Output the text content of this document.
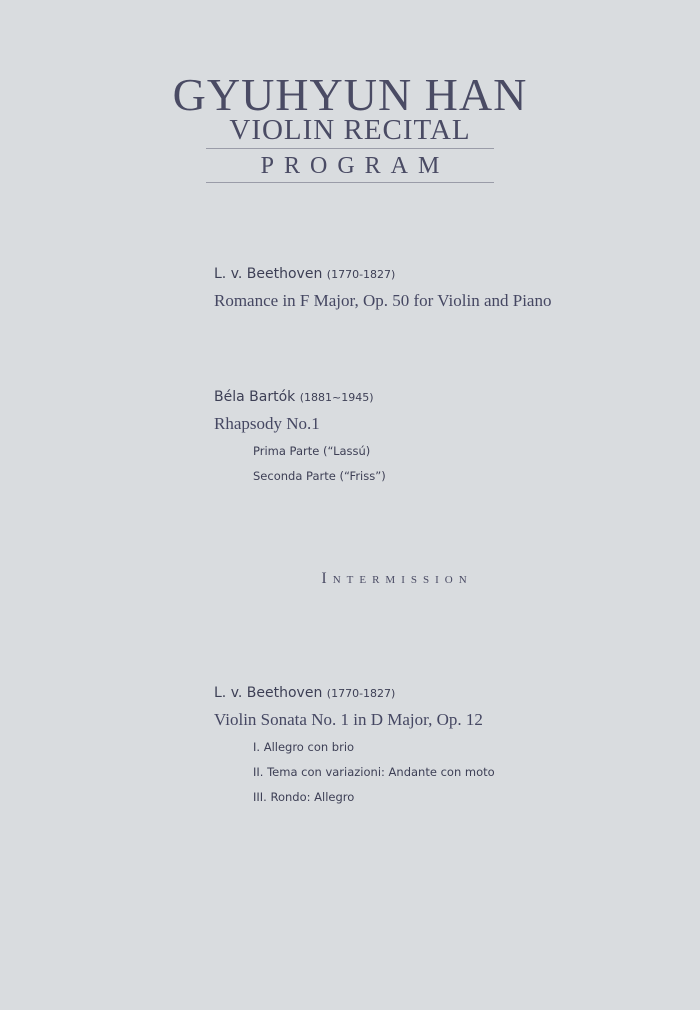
GYUHYUN HAN
VIOLIN RECITAL
PROGRAM
L. v. Beethoven (1770-1827)
Romance in F Major, Op. 50 for Violin and Piano
Béla Bartók (1881~1945)
Rhapsody No.1
Prima Parte (“Lassú)
Seconda Parte (“Friss”)
Intermission
L. v. Beethoven (1770-1827)
Violin Sonata No. 1 in D Major, Op. 12
I. Allegro con brio
II. Tema con variazioni: Andante con moto
III. Rondo: Allegro
